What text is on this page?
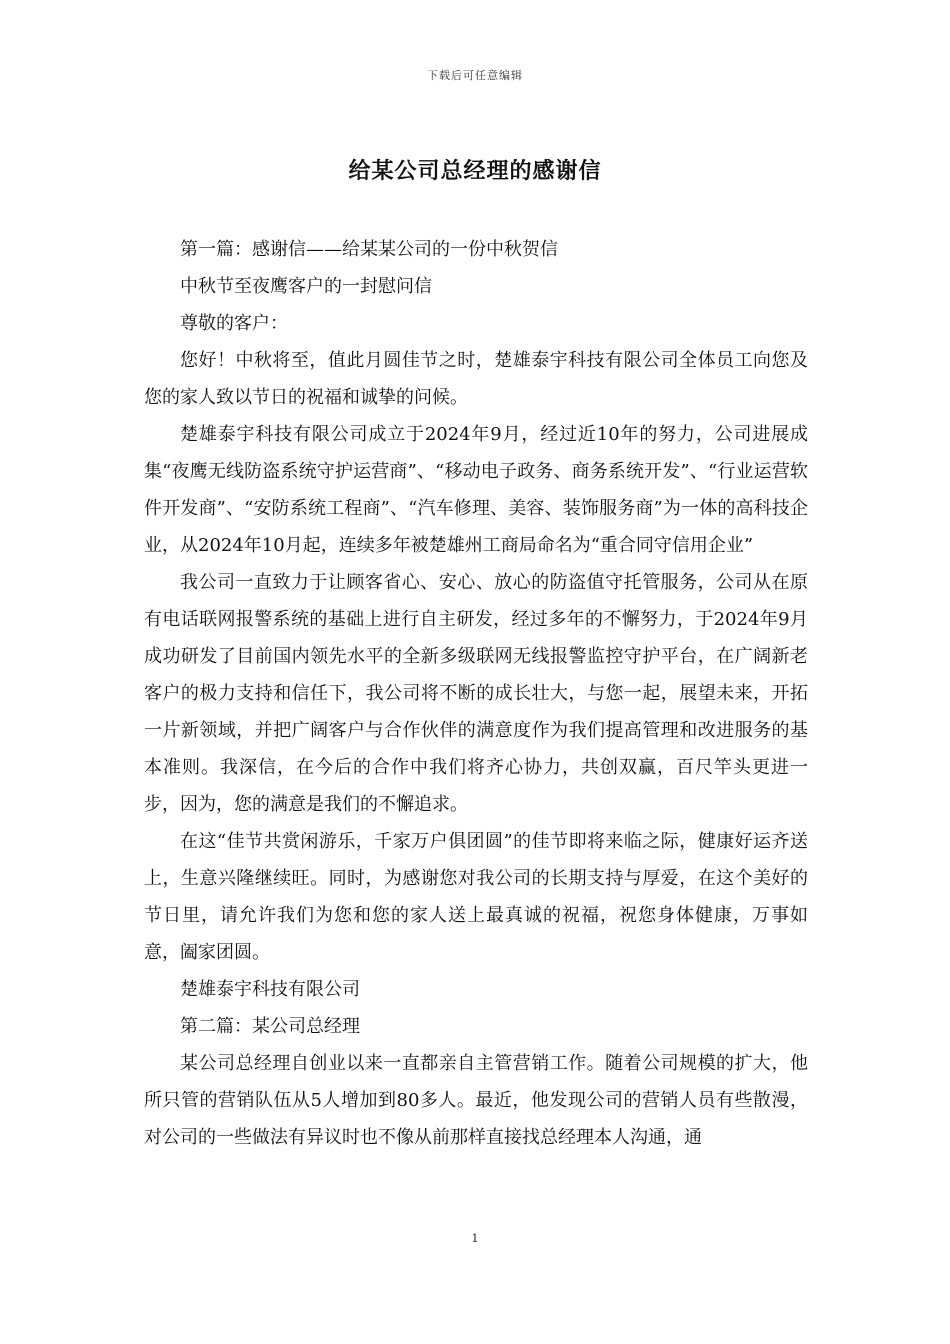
下载后可任意编辑
给某公司总经理的感谢信

第一篇：感谢信——给某某公司的一份中秋贺信

中秋节至夜鹰客户的一封慰问信

尊敬的客户：

您好！中秋将至，值此月圆佳节之时，楚雄泰宇科技有限公司全体员工向您及您的家人致以节日的祝福和诚挚的问候。

楚雄泰宇科技有限公司成立于2024年9月，经过近10年的努力，公司进展成集“夜鹰无线防盗系统守护运营商”、“移动电子政务、商务系统开发”、“行业运营软件开发商”、“安防系统工程商”、“汽车修理、美容、装饰服务商”为一体的高科技企业，从2024年10月起，连续多年被楚雄州工商局命名为“重合同守信用企业”

我公司一直致力于让顾客省心、安心、放心的防盗值守托管服务，公司从在原有电话联网报警系统的基础上进行自主研发，经过多年的不懈努力，于2024年9月成功研发了目前国内领先水平的全新多级联网无线报警监控守护平台，在广阔新老客户的极力支持和信任下，我公司将不断的成长壮大，与您一起，展望未来，开拓一片新领域，并把广阔客户与合作伙伴的满意度作为我们提高管理和改进服务的基本准则。我深信，在今后的合作中我们将齐心协力，共创双赢，百尺竿头更进一步，因为，您的满意是我们的不懈追求。

在这“佳节共赏闲游乐，千家万户俱团圆”的佳节即将来临之际，健康好运齐送上，生意兴隆继续旺。同时，为感谢您对我公司的长期支持与厚爱，在这个美好的节日里，请允许我们为您和您的家人送上最真诚的祝福，祝您身体健康，万事如意，阖家团圆。

楚雄泰宇科技有限公司

第二篇：某公司总经理

某公司总经理自创业以来一直都亲自主管营销工作。随着公司规模的扩大，他所只管的营销队伍从5人增加到80多人。最近，他发现公司的营销人员有些散漫，对公司的一些做法有异议时也不像从前那样直接找总经理本人沟通，通

1
